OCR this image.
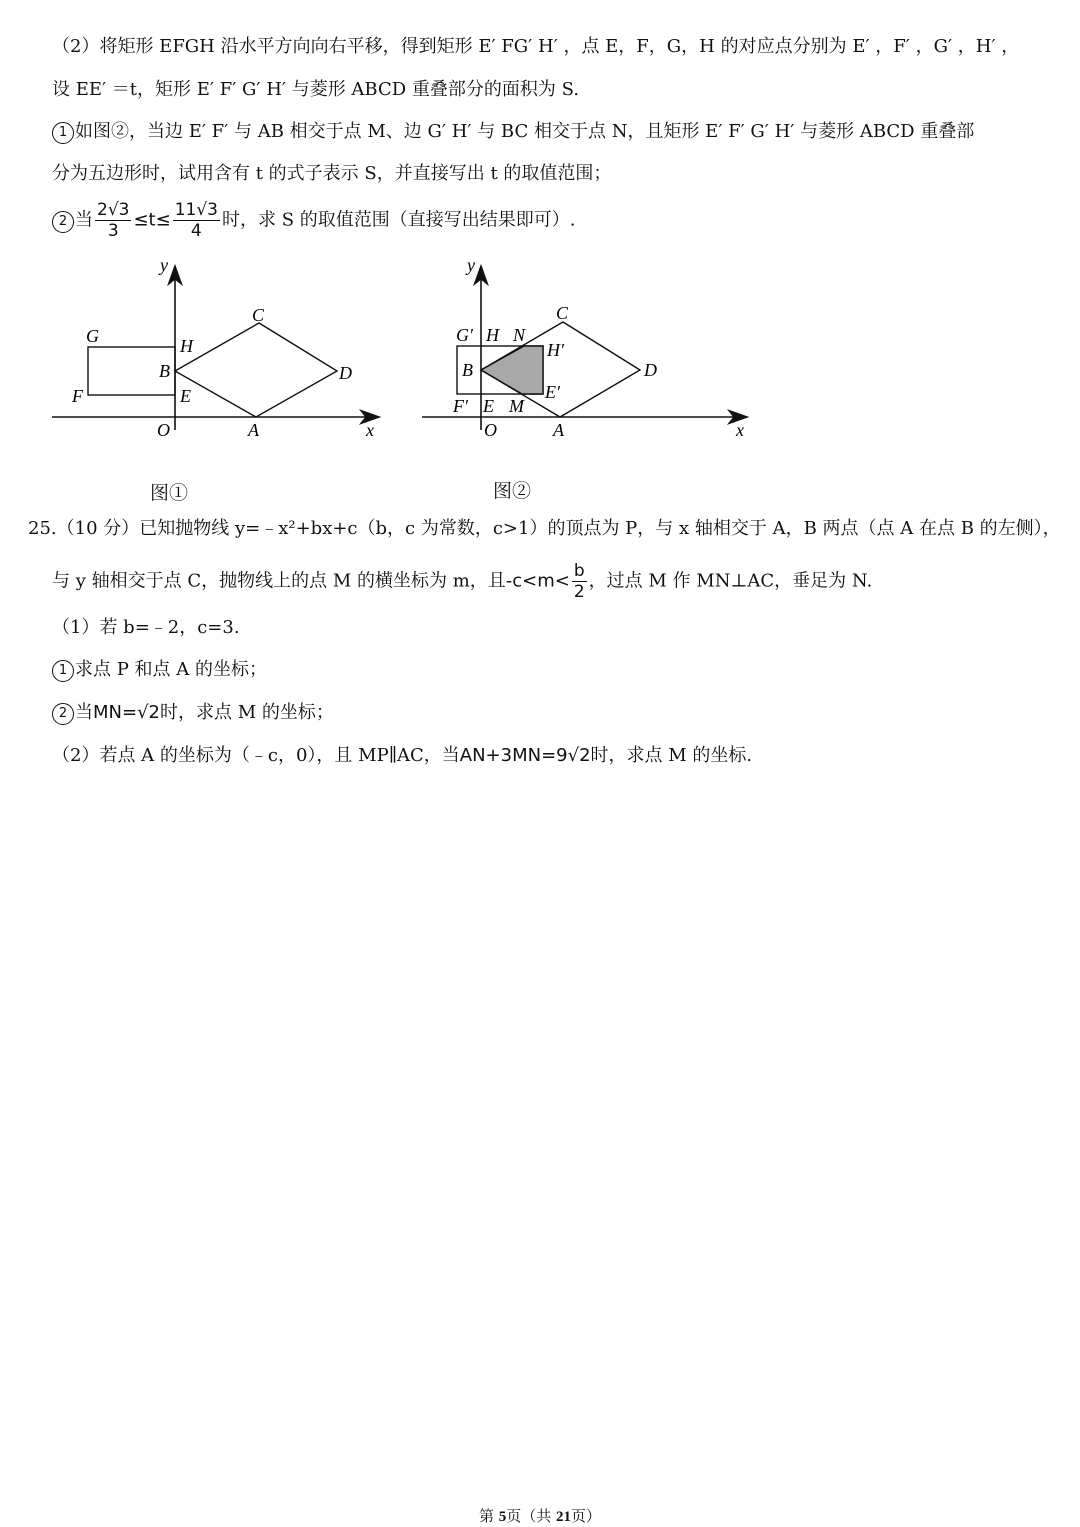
（2）将矩形 EFGH 沿水平方向向右平移，得到矩形 E′ FG′ H′ ，点 E，F，G，H 的对应点分别为 E′ ，F′ ，G′ ，H′ ，
设 EE′ ＝t，矩形 E′ F′ G′ H′ 与菱形 ABCD 重叠部分的面积为 S.
1 如图②，当边 E′ F′ 与 AB 相交于点 M、边 G′ H′ 与 BC 相交于点 N，且矩形 E′ F′ G′ H′ 与菱形 ABCD 重叠部
分为五边形时，试用含有 t 的式子表示 S，并直接写出 t 的取值范围；
2 当 $\frac{2√3}{3} \le t\le \frac{11√3}{4}$ 时，求 S 的取值范围（直接写出结果即可）.
y
x
O	A
B
C
D
E
F
G	H
图①
y
x
O	A
B
C
D
E
F′
G′ H N
H′
E′
M
图②
25.（10 分）已知抛物线 y=﹣x²+bx+c（b，c 为常数，c>1）的顶点为 P，与 x 轴相交于 A，B 两点（点 A 在点 B 的左侧），
与 y 轴相交于点 C，抛物线上的点 M 的横坐标为 m，且$-c<m< \frac{b}{2}$ ，过点 M 作 MN⊥AC，垂足为 N.
（1）若 b=﹣2，c=3.
1 求点 P 和点 A 的坐标；
2 当MN=√2时，求点 M 的坐标；
（2）若点 A 的坐标为（﹣c，0），且 MP∥AC，当AN+3MN=9√2时，求点 M 的坐标.
第 5页（共 21页）
